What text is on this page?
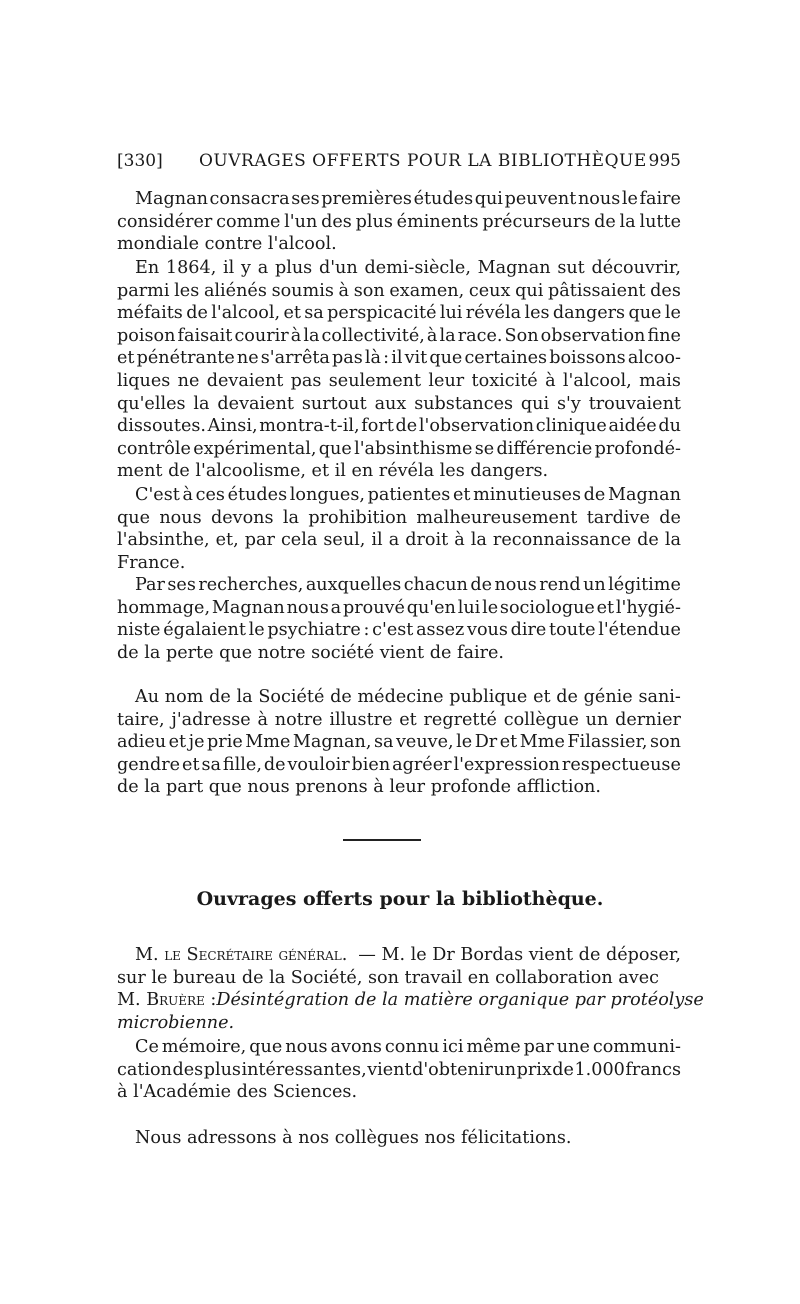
[330] OUVRAGES OFFERTS POUR LA BIBLIOTHÈQUE 995
Magnan consacra ses premières études qui peuvent nous le faire
considérer comme l'un des plus éminents précurseurs de la lutte
mondiale contre l'alcool.
En 1864, il y a plus d'un demi-siècle, Magnan sut découvrir,
parmi les aliénés soumis à son examen, ceux qui pâtissaient des
méfaits de l'alcool, et sa perspicacité lui révéla les dangers que le
poison faisait courir à la collectivité, à la race. Son observation fine
et pénétrante ne s'arrêta pas là : il vit que certaines boissons alcoo-
liques ne devaient pas seulement leur toxicité à l'alcool, mais
qu'elles la devaient surtout aux substances qui s'y trouvaient
dissoutes. Ainsi, montra-t-il, fort de l'observation clinique aidée du
contrôle expérimental, que l'absinthisme se différencie profondé-
ment de l'alcoolisme, et il en révéla les dangers.
C'est à ces études longues, patientes et minutieuses de Magnan
que nous devons la prohibition malheureusement tardive de
l'absinthe, et, par cela seul, il a droit à la reconnaissance de la
France.
Par ses recherches, auxquelles chacun de nous rend un légitime
hommage, Magnan nous a prouvé qu'en lui le sociologue et l'hygié-
niste égalaient le psychiatre : c'est assez vous dire toute l'étendue
de la perte que notre société vient de faire.
Au nom de la Société de médecine publique et de génie sani-
taire, j'adresse à notre illustre et regretté collègue un dernier
adieu et je prie Mme Magnan, sa veuve, le Dr et Mme Filassier, son
gendre et sa fille, de vouloir bien agréer l'expression respectueuse
de la part que nous prenons à leur profonde affliction.
Ouvrages offerts pour la bibliothèque.
M. le Secrétaire général. — M. le Dr Bordas vient de déposer,
sur le bureau de la Société, son travail en collaboration avec
M. Bruère : Désintégration de la matière organique par protéolyse
microbienne.
Ce mémoire, que nous avons connu ici même par une communi-
cation des plus intéressantes, vient d'obtenir un prix de 1.000 francs
à l'Académie des Sciences.
Nous adressons à nos collègues nos félicitations.
